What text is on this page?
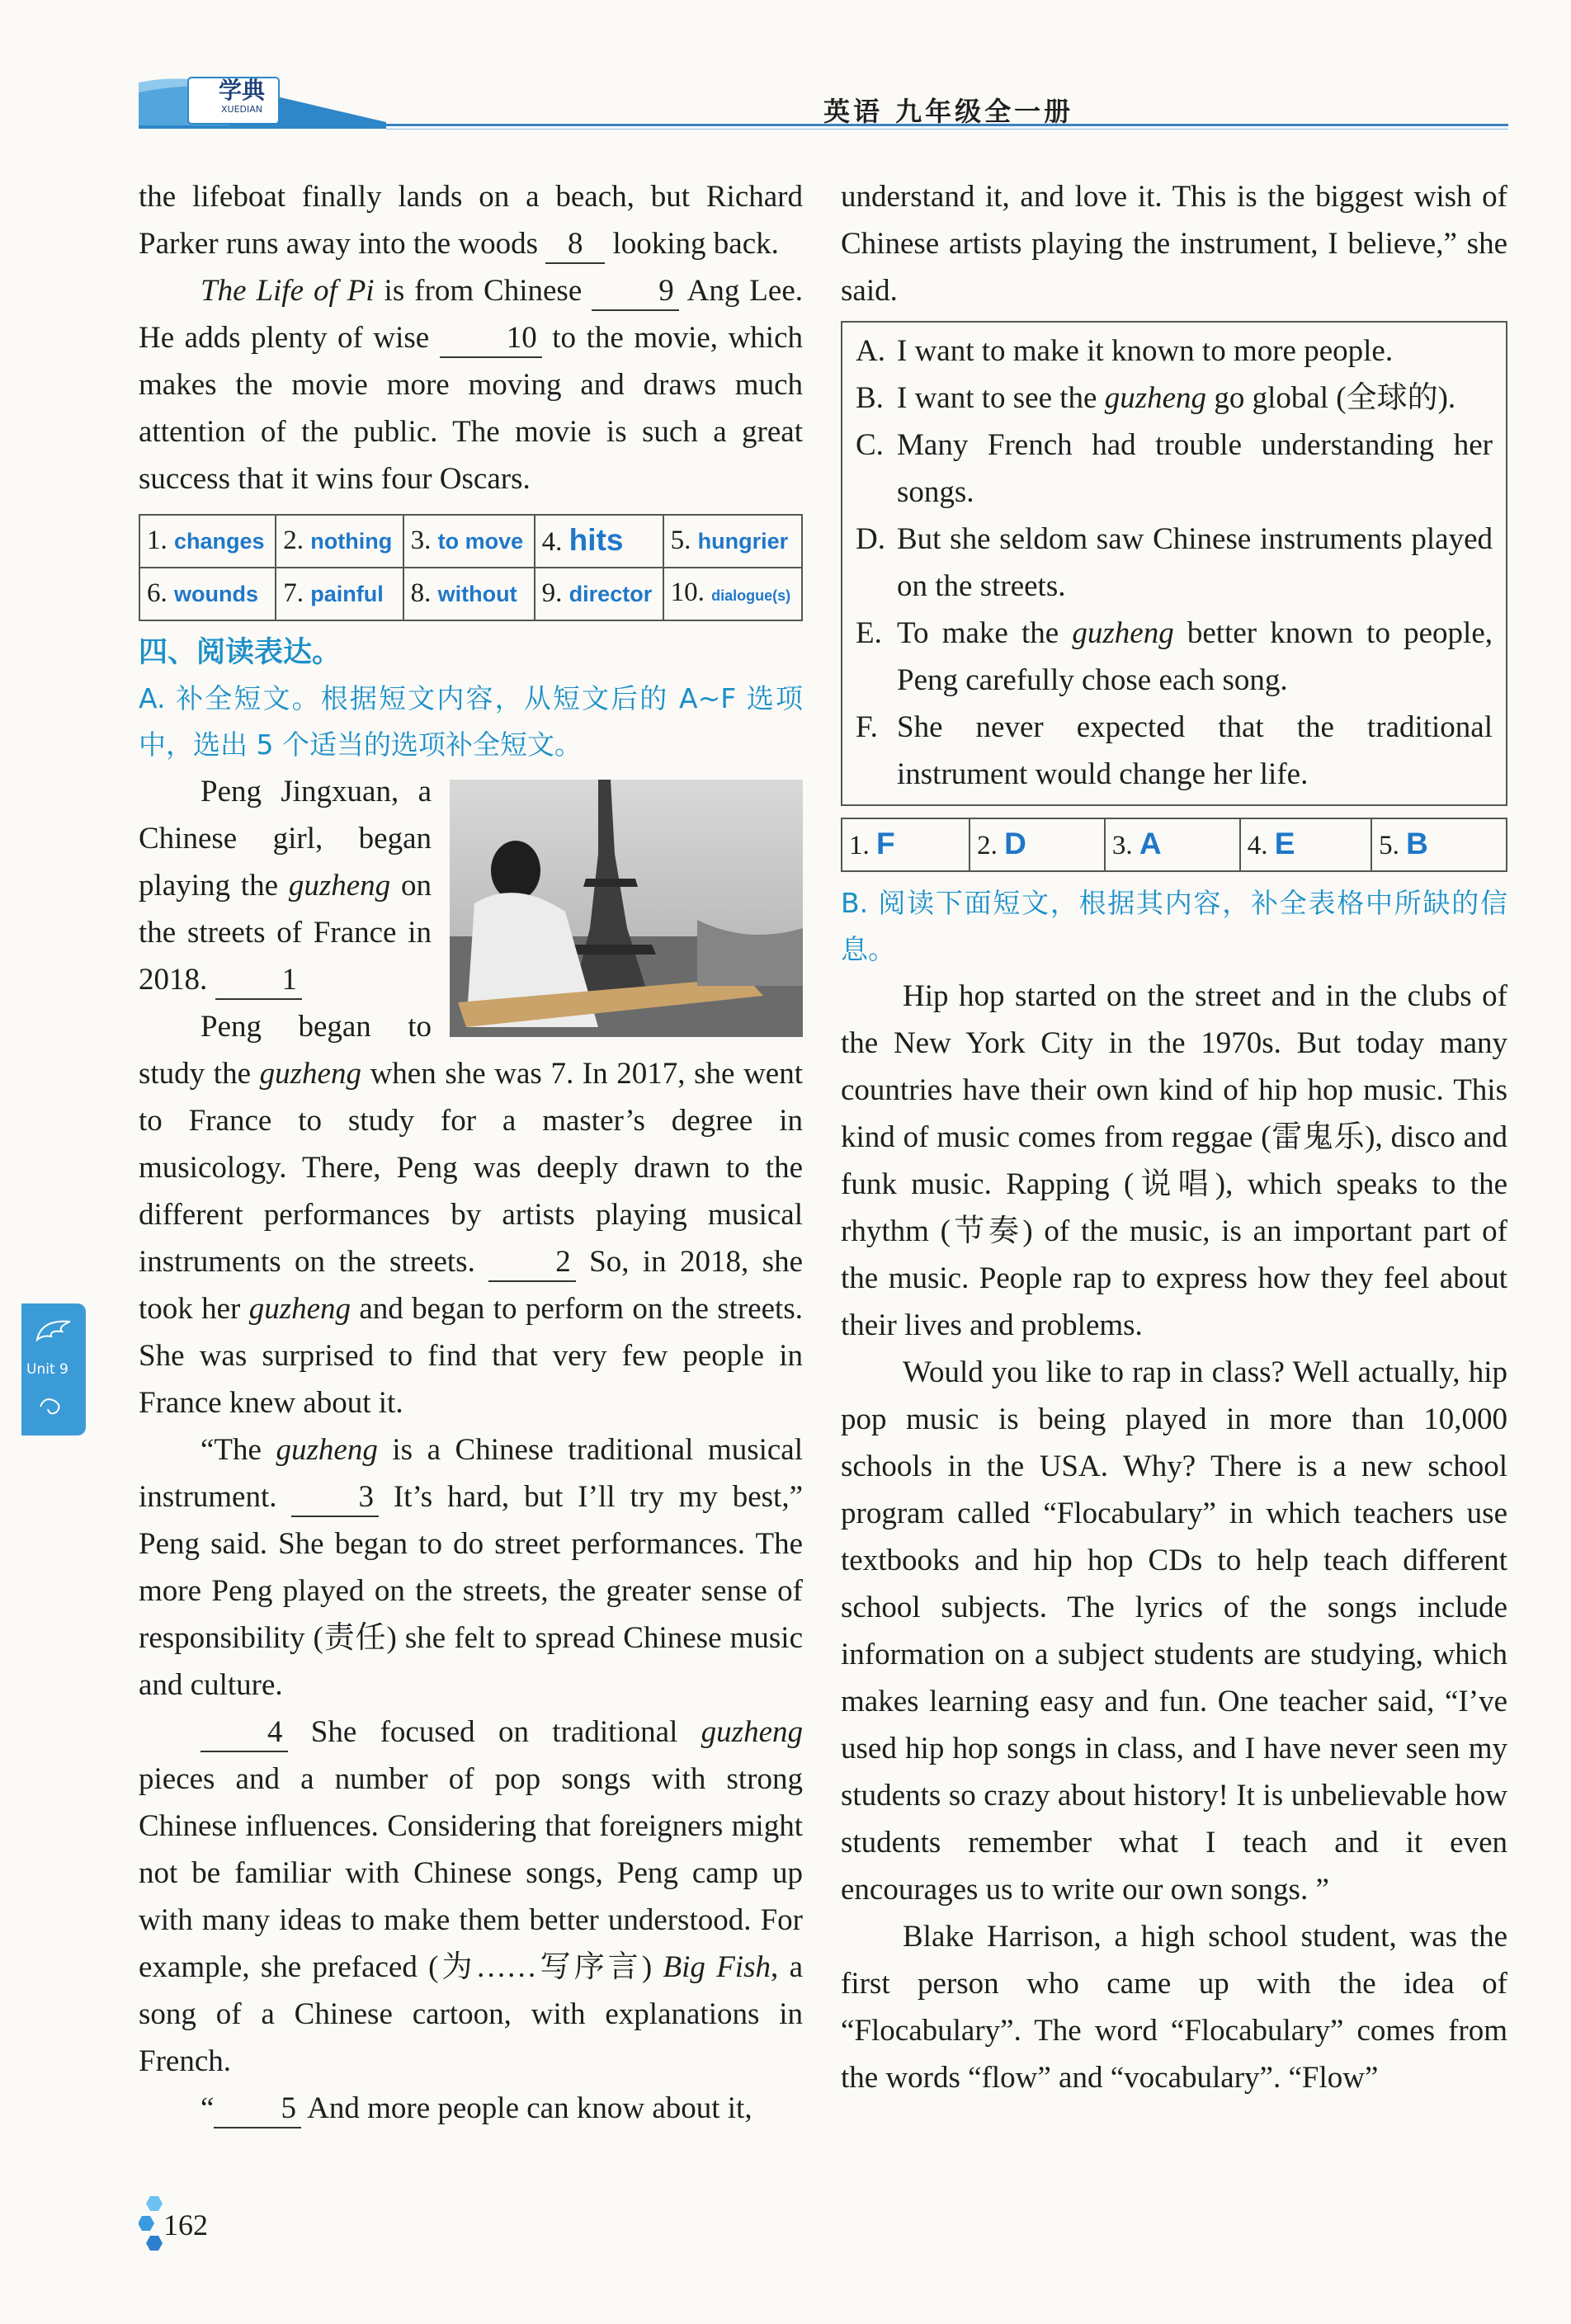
学典
XUEDIAN	英语 九年级全一册

the lifeboat finally lands on a beach, but Richard Parker runs away into the woods 8 looking back.

The Life of Pi is from Chinese 9 Ang Lee. He adds plenty of wise 10 to the movie, which makes the movie more moving and draws much attention of the public. The movie is such a great success that it wins four Oscars.

1. changes	2. nothing	3. to move	4. hits	5. hungrier
6. wounds	7. painful	8. without	9. director	10. dialogue(s)

四、阅读表达。

A. 补全短文。根据短文内容，从短文后的 A~F 选项中，选出 5 个适当的选项补全短文。

Peng Jingxuan, a Chinese girl, began playing the guzheng on the streets of France in 2018. 1

Peng began to study the guzheng when she was 7. In 2017, she went to France to study for a master’s degree in musicology. There, Peng was deeply drawn to the different performances by artists playing musical instruments on the streets. 2 So, in 2018, she took her guzheng and began to perform on the streets. She was surprised to find that very few people in France knew about it.

“The guzheng is a Chinese traditional musical instrument. 3 It’s hard, but I’ll try my best,” Peng said. She began to do street performances. The more Peng played on the streets, the greater sense of responsibility (责任) she felt to spread Chinese music and culture.

4 She focused on traditional guzheng pieces and a number of pop songs with strong Chinese influences. Considering that foreigners might not be familiar with Chinese songs, Peng camp up with many ideas to make them better understood. For example, she prefaced (为……写序言) Big Fish, a song of a Chinese cartoon, with explanations in French.

“ 5 And more people can know about it,

understand it, and love it. This is the biggest wish of Chinese artists playing the instrument, I believe,” she said.

A. I want to make it known to more people.
B. I want to see the guzheng go global (全球的).
C. Many French had trouble understanding her songs.
D. But she seldom saw Chinese instruments played on the streets.
E. To make the guzheng better known to people, Peng carefully chose each song.
F. She never expected that the traditional instrument would change her life.
1. F	2. D	3. A	4. E	5. B

B. 阅读下面短文，根据其内容，补全表格中所缺的信息。

Hip hop started on the street and in the clubs of the New York City in the 1970s. But today many countries have their own kind of hip hop music. This kind of music comes from reggae (雷鬼乐), disco and funk music. Rapping (说唱), which speaks to the rhythm (节奏) of the music, is an important part of the music. People rap to express how they feel about their lives and problems.

Would you like to rap in class? Well actually, hip pop music is being played in more than 10,000 schools in the USA. Why? There is a new school program called “Flocabulary” in which teachers use textbooks and hip hop CDs to help teach different school subjects. The lyrics of the songs include information on a subject students are studying, which makes learning easy and fun. One teacher said, “I’ve used hip hop songs in class, and I have never seen my students so crazy about history! It is unbelievable how students remember what I teach and it even encourages us to write our own songs. ”

Blake Harrison, a high school student, was the first person who came up with the idea of “Flocabulary”. The word “Flocabulary” comes from the words “flow” and “vocabulary”. “Flow”

Unit 9
162
